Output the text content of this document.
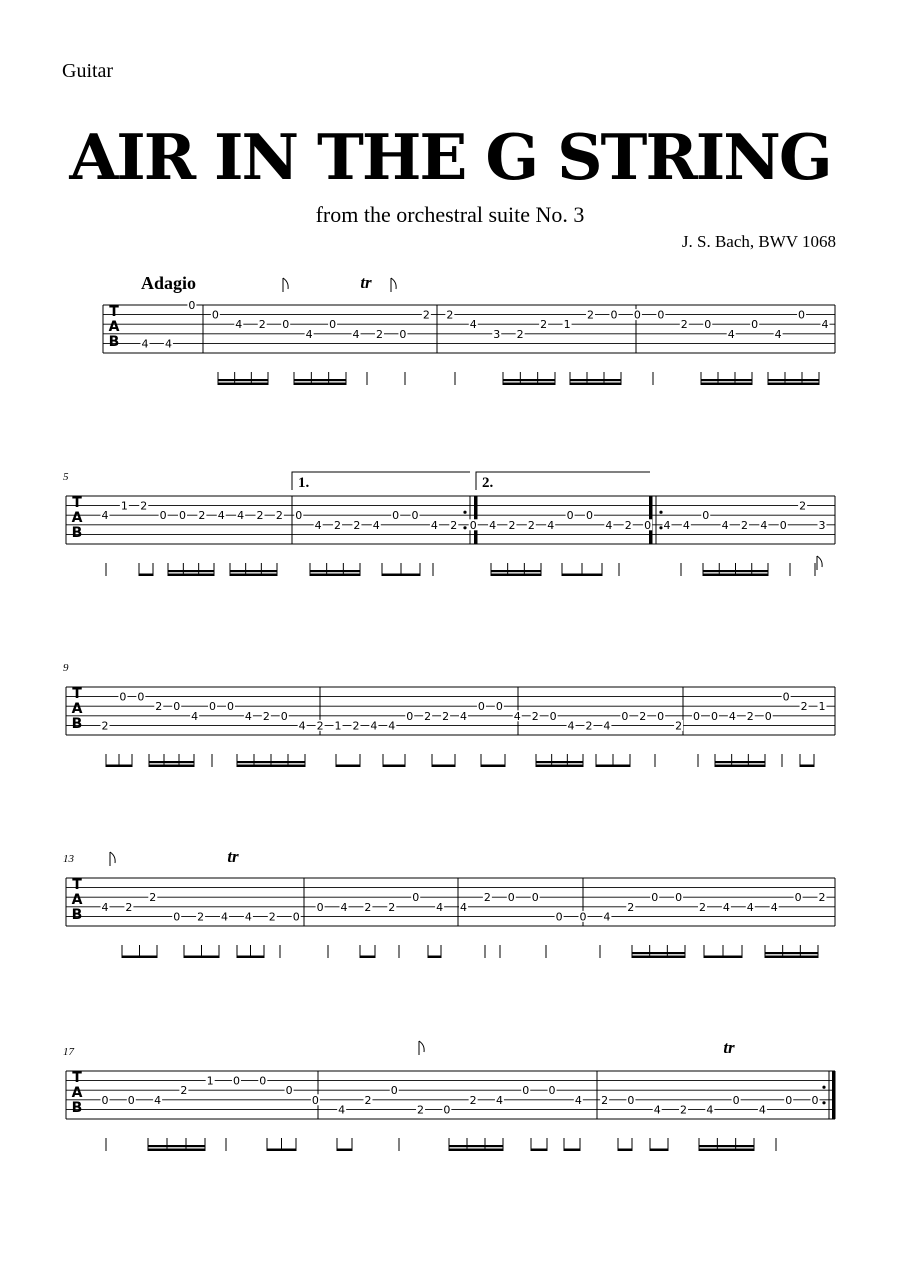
Guitar
AIR IN THE G STRING
from the orchestral suite No. 3
J. S. Bach, BWV 1068
Adagio
T
A
B 4 4
0
0
4 2 0
4
0
4 2 0
2 2
4
3 2
2 1
2 0 0 0
2 0
4
0
4
0
4
T
A
B
5
4
1 2
0 0 2 4 4 2 2 0
4 2 2 4
0 0
4 2 0 4 2 2 4
0 0
4 2 0 4 4
0
4 2 4 0
2
3
T
A
B
9
2
0 0
2 0
4
0 0
4 2 0
4 2 1 2 4 4
0 2 2 4
0 0
4 2 0
4 2 4
0 2 0
2
0 0 4 2 0
0
2 1
T
A
B
13
4 2
2
0 2 4 4 2 0
0 4 2 2
0
4 4
2 0 0
0 0 4
2
0 0
2 4 4 4
0 2
T
A
B
17
0 0 4
2
1 0 0
0
0
4
2
0
2 0
2 4
0 0
4 2 0
4 2 4
0
4
0 0
1.	2.
tr
tr
tr
